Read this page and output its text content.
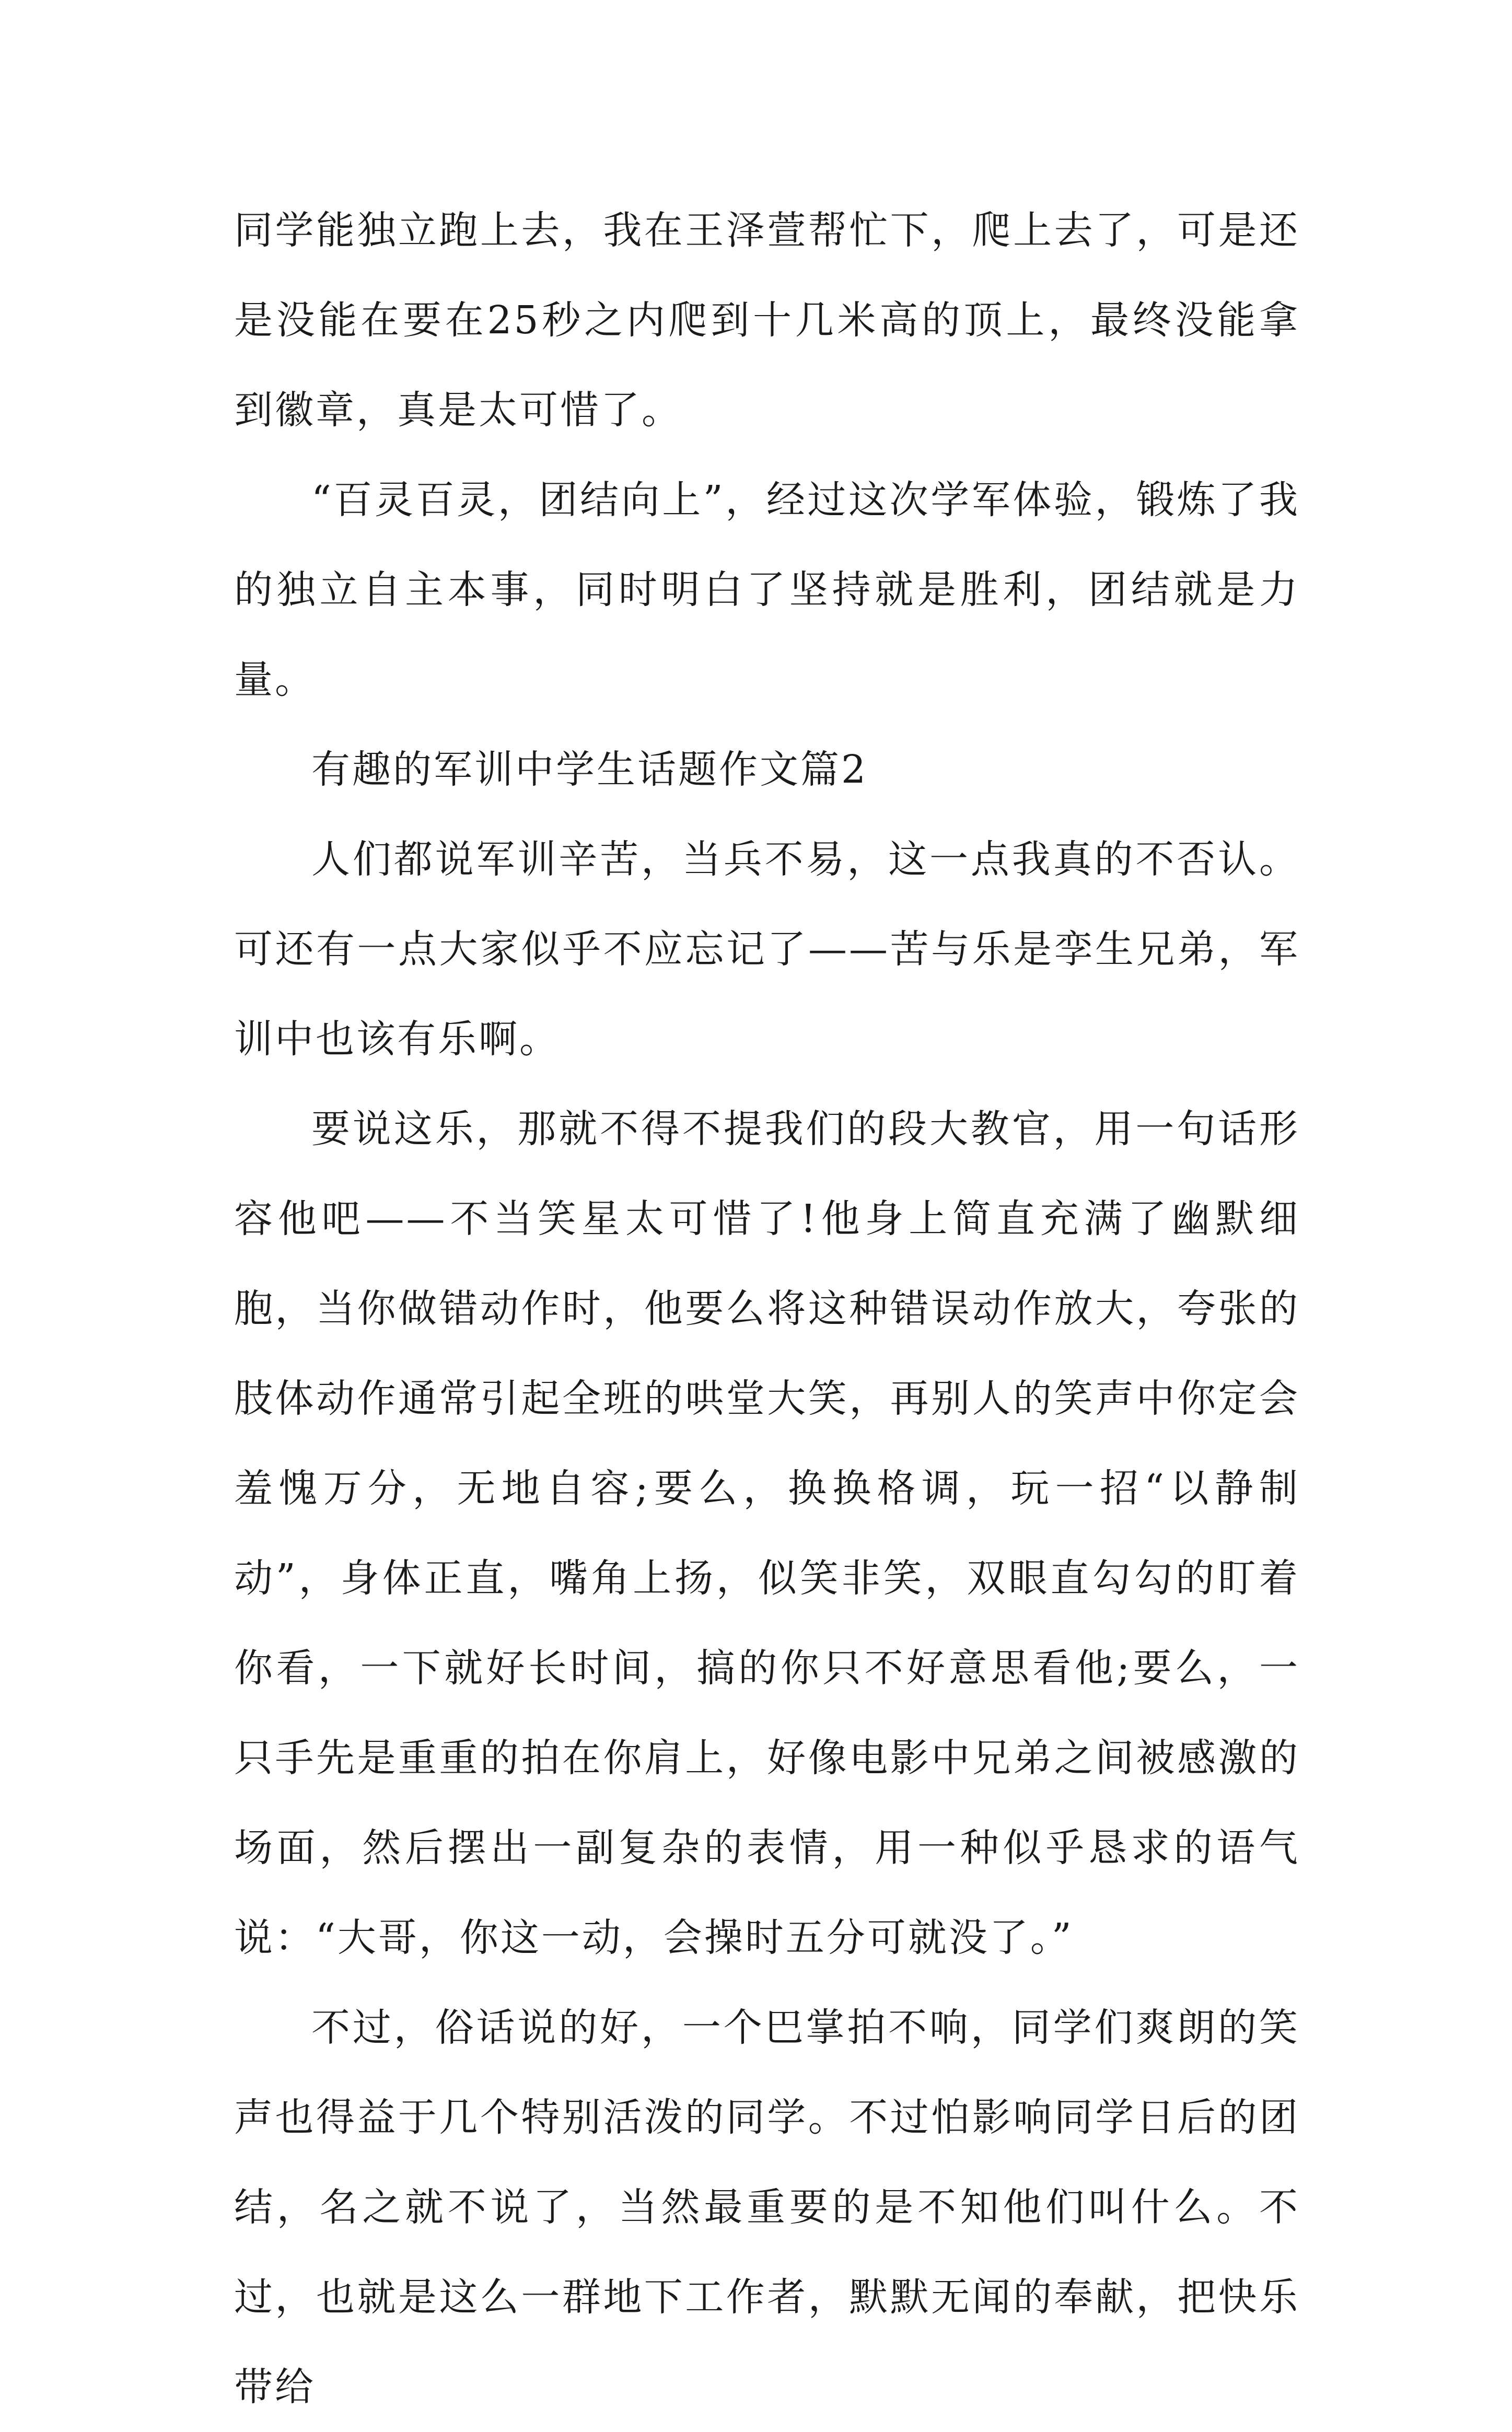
同学能独立跑上去，我在王泽萱帮忙下，爬上去了，可是还是没能在要在25秒之内爬到十几米高的顶上，最终没能拿到徽章，真是太可惜了。

“百灵百灵，团结向上”，经过这次学军体验，锻炼了我的独立自主本事，同时明白了坚持就是胜利，团结就是力量。

有趣的军训中学生话题作文篇2

人们都说军训辛苦，当兵不易，这一点我真的不否认。可还有一点大家似乎不应忘记了——苦与乐是孪生兄弟，军训中也该有乐啊。

要说这乐，那就不得不提我们的段大教官，用一句话形容他吧——不当笑星太可惜了!他身上简直充满了幽默细胞，当你做错动作时，他要么将这种错误动作放大，夸张的肢体动作通常引起全班的哄堂大笑，再别人的笑声中你定会羞愧万分，无地自容;要么，换换格调，玩一招“以静制动”，身体正直，嘴角上扬，似笑非笑，双眼直勾勾的盯着你看，一下就好长时间，搞的你只不好意思看他;要么，一只手先是重重的拍在你肩上，好像电影中兄弟之间被感激的场面，然后摆出一副复杂的表情，用一种似乎恳求的语气说：“大哥，你这一动，会操时五分可就没了。”

不过，俗话说的好，一个巴掌拍不响，同学们爽朗的笑声也得益于几个特别活泼的同学。不过怕影响同学日后的团结，名之就不说了，当然最重要的是不知他们叫什么。不过，也就是这么一群地下工作者，默默无闻的奉献，把快乐带给
